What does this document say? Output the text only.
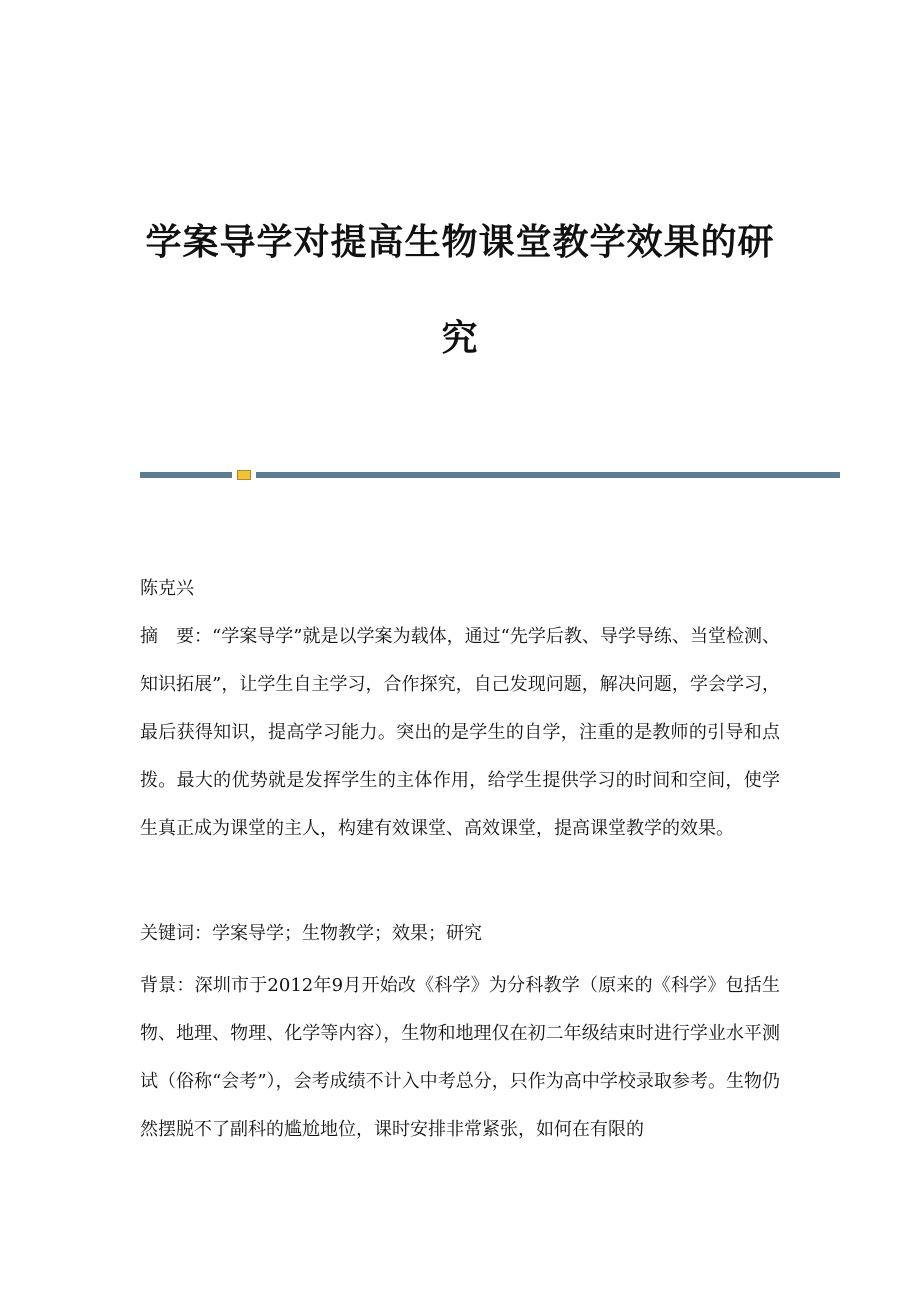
学案导学对提高生物课堂教学效果的研
究

陈克兴

摘　要：“学案导学”就是以学案为载体，通过“先学后教、导学导练、当堂检测、知识拓展”，让学生自主学习，合作探究，自己发现问题，解决问题，学会学习，最后获得知识，提高学习能力。突出的是学生的自学，注重的是教师的引导和点拨。最大的优势就是发挥学生的主体作用，给学生提供学习的时间和空间，使学生真正成为课堂的主人，构建有效课堂、高效课堂，提高课堂教学的效果。

关键词：学案导学；生物教学；效果；研究

背景：深圳市于2012年9月开始改《科学》为分科教学（原来的《科学》包括生物、地理、物理、化学等内容），生物和地理仅在初二年级结束时进行学业水平测试（俗称“会考”），会考成绩不计入中考总分，只作为高中学校录取参考。生物仍然摆脱不了副科的尴尬地位，课时安排非常紧张，如何在有限的
